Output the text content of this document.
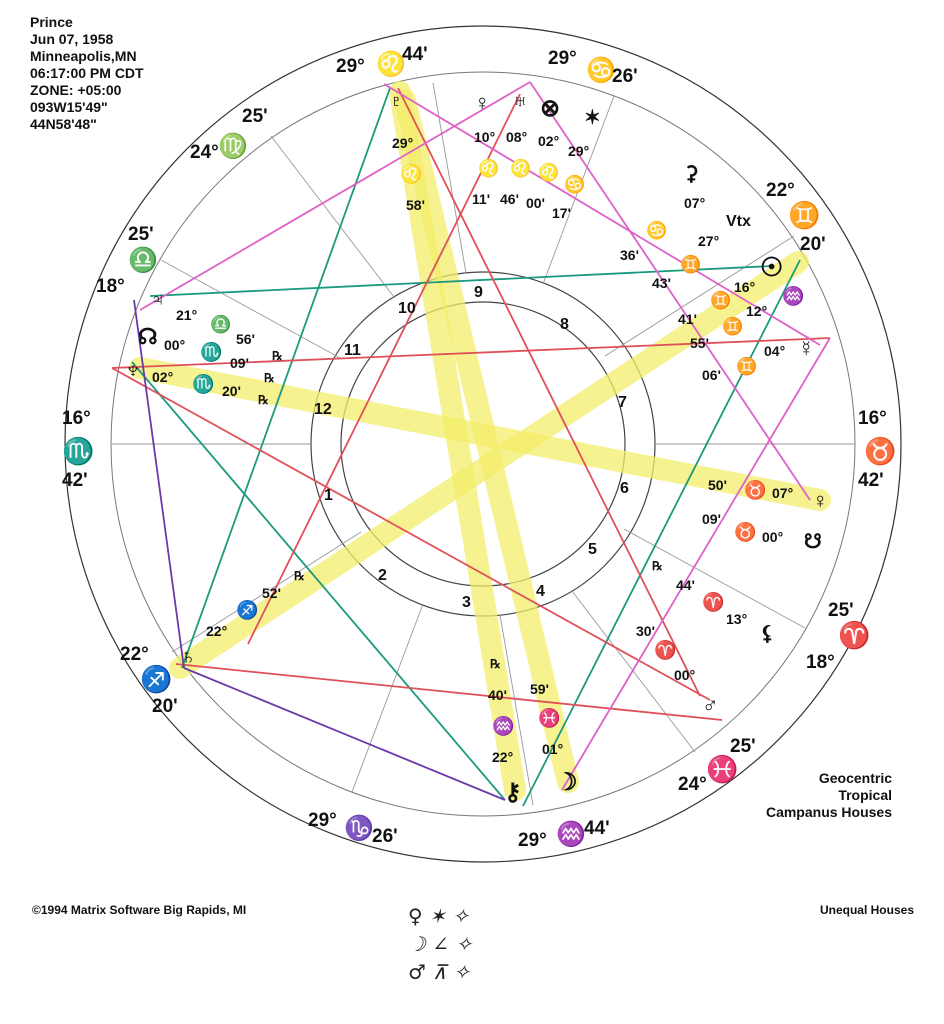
Prince
Jun 07, 1958
Minneapolis,MN
06:17:00 PM CDT
ZONE: +05:00
093W15'49"
44N58'48"
1
2
3
4
5
6
7
8
9
10
11
12
29° ♌
44'	29° ♋
26'
22°
♊
20'
16°
♉
42'
25'
♈
18°
24°
♓
25'
29° ♒
44'
29° ♑
26'
22°
♐
20'
16°
♏
42'
25'
♎
18°
24° ♍
25'
♇
29°
♌
58'
♀ ♅ ⊗ ✶
10° 08° 02°
29°
♌ ♌ ♌
♋
11' 46' 00'
17'
⚳
07°
♋
36'
Vtx
27°
♊
43'
☉
16°
♊
41'
♒
12°
♊
55'	☿
04°
♊
06'
♀
07°
♉
50'
☋
00°
♉
09'
℞
44'
♈
13°
⚸
30'
♈
00°
♂
59'
♓
01°
☽
℞
40'
♒
22°
⚷
℞
52'
♐
22°
♄
♆ 02° ♏ 20'
℞
☊ 00° ♏
09'
℞
♃
21° ♎
56'
℞
Geocentric
Tropical
Campanus Houses
©1994 Matrix Software Big Rapids, MI	Unequal Houses
♀ ✶ ✧
☽ ∠ ✧
♂ ⊼ ✧
